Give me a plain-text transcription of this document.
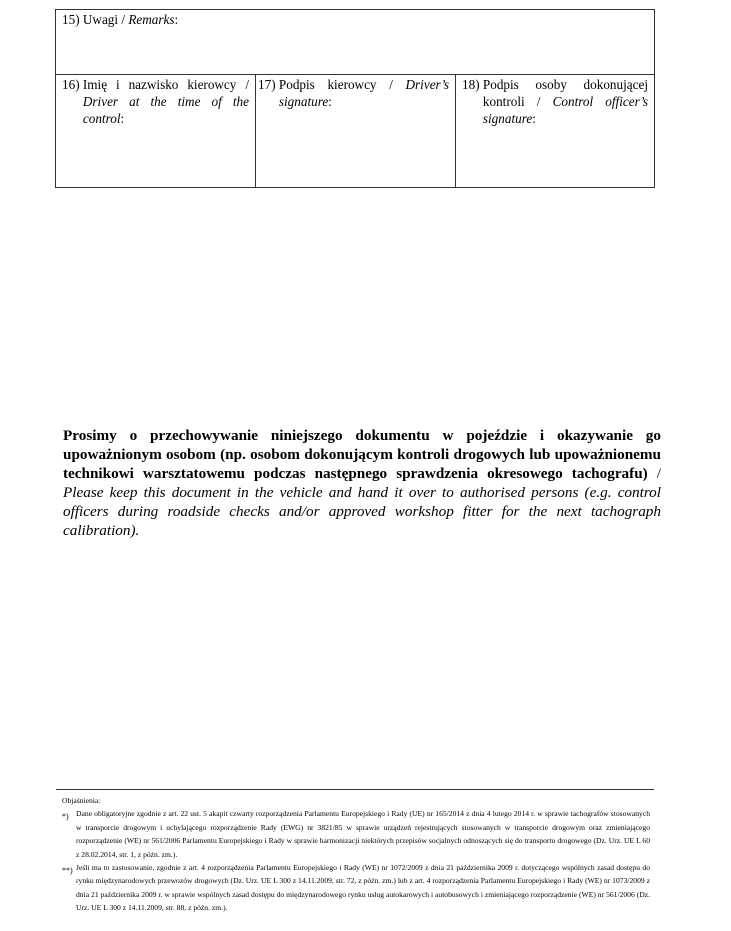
15)
Uwagi / Remarks:

16)
Imię i nazwisko kierowcy / Driver at the time of the control:

17)
Podpis kierowcy / Driver’s signature:

18)
Podpis osoby dokonującej kontroli / Control officer’s signature:
Prosimy o przechowywanie niniejszego dokumentu w pojeździe i okazywanie go upoważnionym osobom (np. osobom dokonującym kontroli drogowych lub upoważnionemu technikowi warsztatowemu podczas następnego sprawdzenia okresowego tachografu) / Please keep this document in the vehicle and hand it over to authorised persons (e.g. control officers during roadside checks and/or approved workshop fitter for the next tachograph calibration).
Objaśnienia:
*) Dane obligatoryjne zgodnie z art. 22 ust. 5 akapit czwarty rozporządzenia Parlamentu Europejskiego i Rady (UE) nr 165/2014 z dnia 4 lutego 2014 r. w sprawie tachografów stosowanych w transporcie drogowym i uchylającego rozporządzenie Rady (EWG) nr 3821/85 w sprawie urządzeń rejestrujących stosowanych w transporcie drogowym oraz zmieniającego rozporządzenie (WE) nr 561/2006 Parlamentu Europejskiego i Rady w sprawie harmonizacji niektórych przepisów socjalnych odnoszących się do transportu drogowego (Dz. Urz. UE L 60 z 28.02.2014, str. 1, z późn. zm.).
**) Jeśli ma to zastosowanie, zgodnie z art. 4 rozporządzenia Parlamentu Europejskiego i Rady (WE) nr 1072/2009 z dnia 21 października 2009 r. dotyczącego wspólnych zasad dostępu do rynku międzynarodowych przewozów drogowych (Dz. Urz. UE L 300 z 14.11.2009, str. 72, z późn. zm.) lub z art. 4 rozporządzenia Parlamentu Europejskiego i Rady (WE) nr 1073/2009 z dnia 21 października 2009 r. w sprawie wspólnych zasad dostępu do międzynarodowego rynku usług autokarowych i autobusowych i zmieniającego rozporządzenie (WE) nr 561/2006 (Dz. Urz. UE L 300 z 14.11.2009, str. 88, z późn. zm.).
